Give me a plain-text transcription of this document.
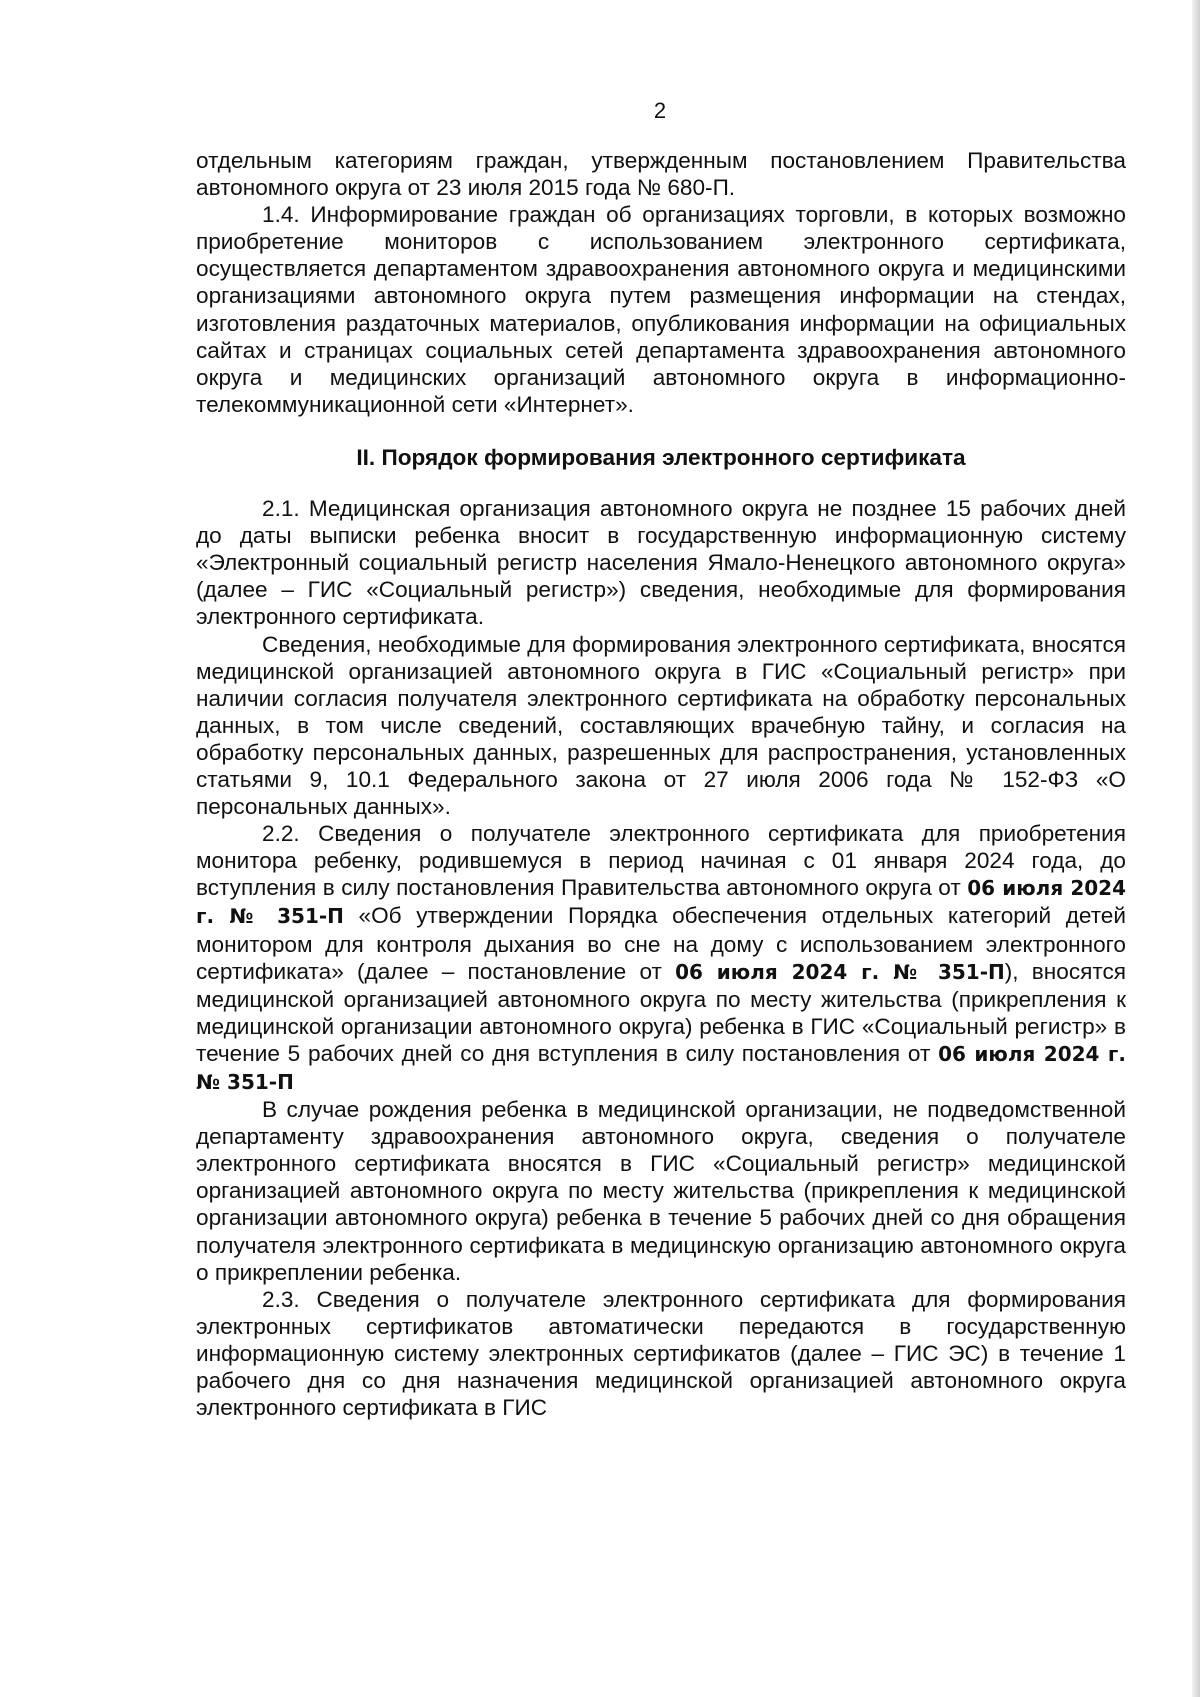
2

отдельным категориям граждан, утвержденным постановлением Правительства автономного округа от 23 июля 2015 года № 680-П.

1.4. Информирование граждан об организациях торговли, в которых возможно приобретение мониторов с использованием электронного сертификата, осуществляется департаментом здравоохранения автономного округа и медицинскими организациями автономного округа путем размещения информации на стендах, изготовления раздаточных материалов, опубликования информации на официальных сайтах и страницах социальных сетей департамента здравоохранения автономного округа и медицинских организаций автономного округа в информационно-телекоммуникационной сети «Интернет».

II. Порядок формирования электронного сертификата

2.1. Медицинская организация автономного округа не позднее 15 рабочих дней до даты выписки ребенка вносит в государственную информационную систему «Электронный социальный регистр населения Ямало-Ненецкого автономного округа» (далее – ГИС «Социальный регистр») сведения, необходимые для формирования электронного сертификата.

Сведения, необходимые для формирования электронного сертификата, вносятся медицинской организацией автономного округа в ГИС «Социальный регистр» при наличии согласия получателя электронного сертификата на обработку персональных данных, в том числе сведений, составляющих врачебную тайну, и согласия на обработку персональных данных, разрешенных для распространения, установленных статьями 9, 10.1 Федерального закона от 27 июля 2006 года № 152-ФЗ «О персональных данных».

2.2. Сведения о получателе электронного сертификата для приобретения монитора ребенку, родившемуся в период начиная с 01 января 2024 года, до вступления в силу постановления Правительства автономного округа от 06 июля 2024 г. № 351-П «Об утверждении Порядка обеспечения отдельных категорий детей монитором для контроля дыхания во сне на дому с использованием электронного сертификата» (далее – постановление от 06 июля 2024 г. № 351-П), вносятся медицинской организацией автономного округа по месту жительства (прикрепления к медицинской организации автономного округа) ребенка в ГИС «Социальный регистр» в течение 5 рабочих дней со дня вступления в силу постановления от 06 июля 2024 г. № 351-П

В случае рождения ребенка в медицинской организации, не подведомственной департаменту здравоохранения автономного округа, сведения о получателе электронного сертификата вносятся в ГИС «Социальный регистр» медицинской организацией автономного округа по месту жительства (прикрепления к медицинской организации автономного округа) ребенка в течение 5 рабочих дней со дня обращения получателя электронного сертификата в медицинскую организацию автономного округа о прикреплении ребенка.

2.3. Сведения о получателе электронного сертификата для формирования электронных сертификатов автоматически передаются в государственную информационную систему электронных сертификатов (далее – ГИС ЭС) в течение 1 рабочего дня со дня назначения медицинской организацией автономного округа электронного сертификата в ГИС
